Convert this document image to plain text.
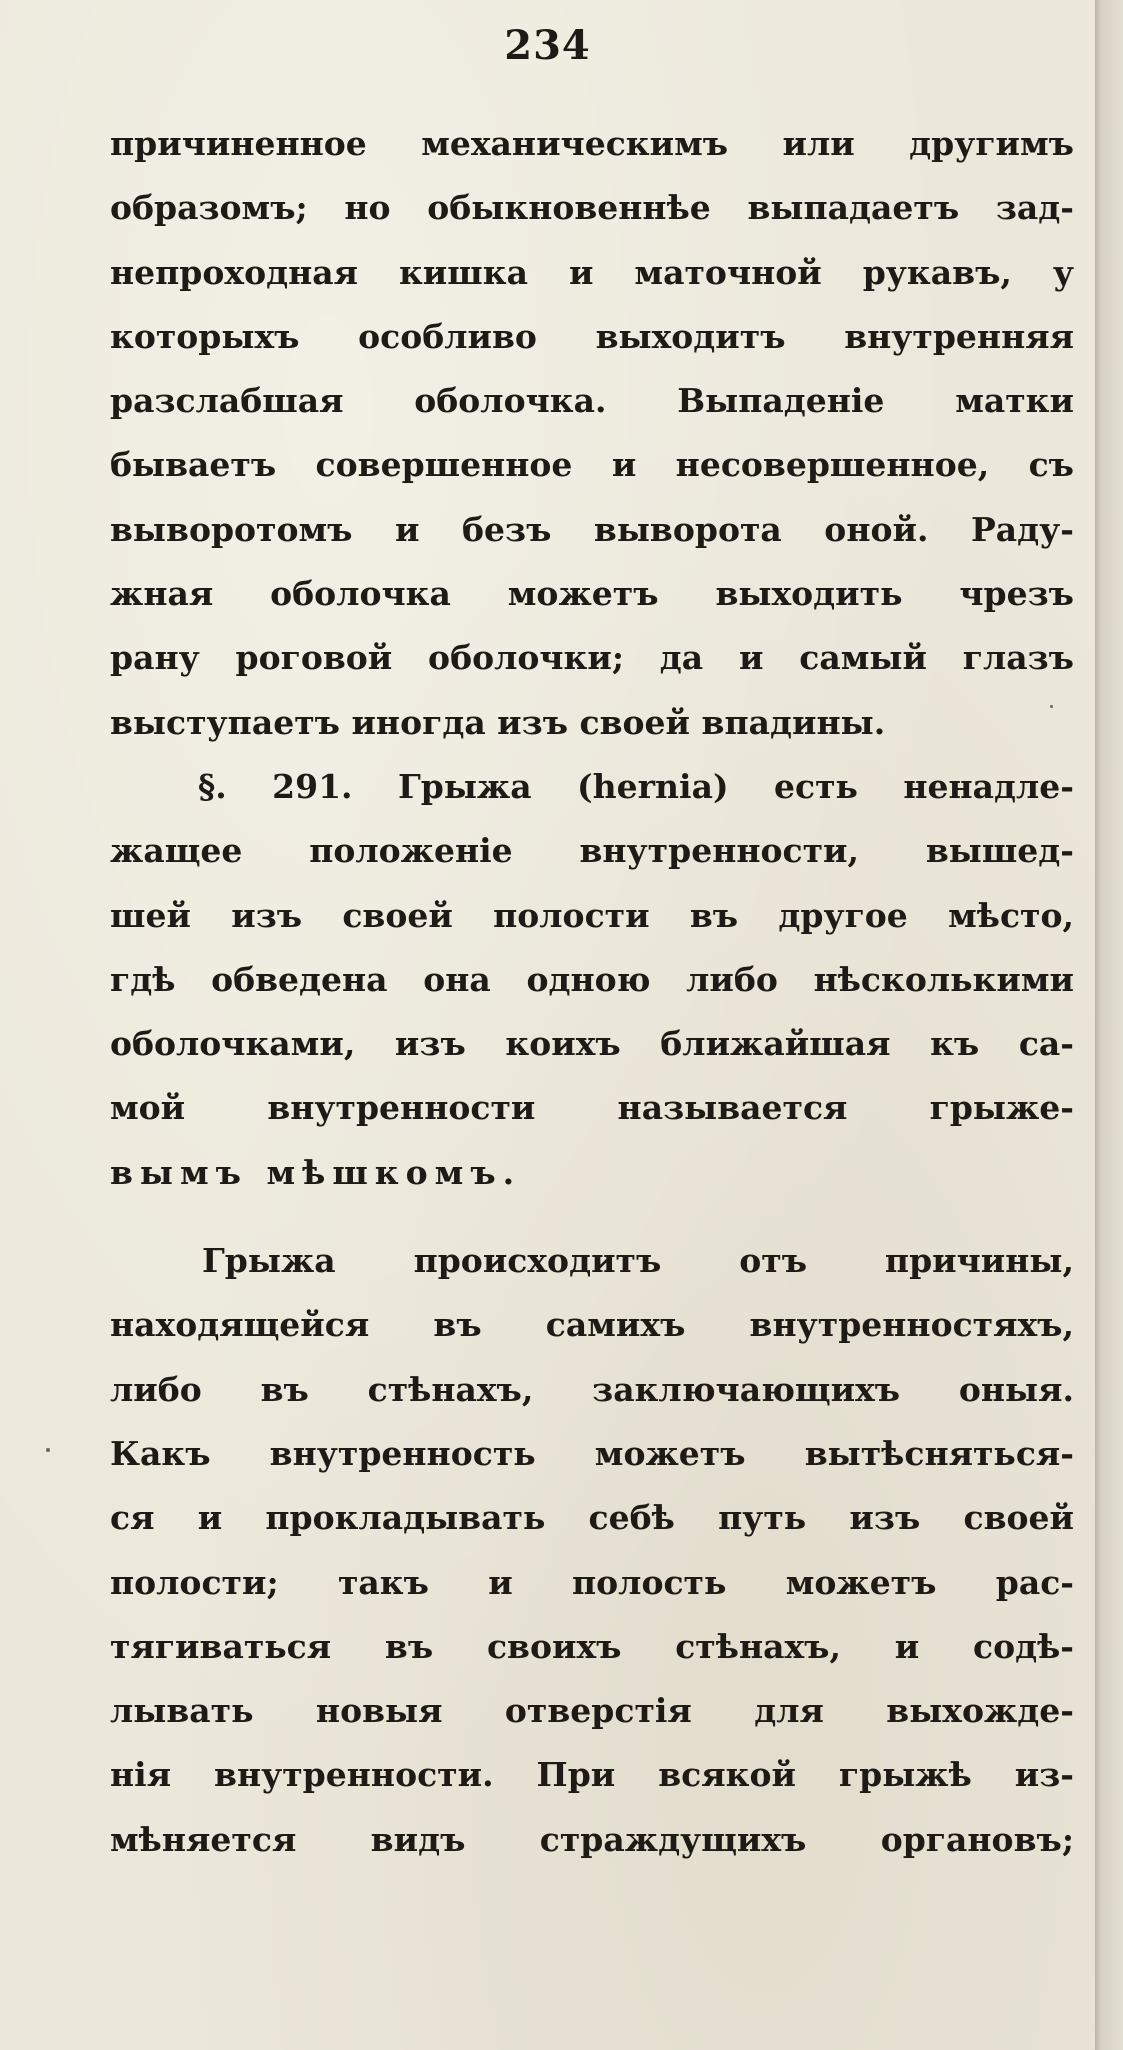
234
причиненное механическимъ или другимъ
образомъ; но обыкновеннѣе выпадаетъ зад-
непроходная кишка и маточной рукавъ, у
которыхъ особливо выходитъ внутренняя
разслабшая оболочка. Выпаденіе матки
бываетъ совершенное и несовершенное, съ
выворотомъ и безъ выворота оной. Раду-
жная оболочка можетъ выходить чрезъ
рану роговой оболочки; да и самый глазъ
выступаетъ иногда изъ своей впадины.
§. 291. Грыжа (hernia) есть ненадле-
жащее положеніе внутренности, вышед-
шей изъ своей полости въ другое мѣсто,
гдѣ обведена она одною либо нѣсколькими
оболочками, изъ коихъ ближайшая къ са-
мой внутренности называется грыже-
вымъ мѣшкомъ.
Грыжа происходитъ отъ причины,
находящейся въ самихъ внутренностяхъ,
либо въ стѣнахъ, заключающихъ оныя.
Какъ внутренность можетъ вытѣсняться-
ся и прокладывать себѣ путь изъ своей
полости; такъ и полость можетъ рас-
тягиваться въ своихъ стѣнахъ, и содѣ-
лывать новыя отверстія для выхожде-
нія внутренности. При всякой грыжѣ из-
мѣняется видъ страждущихъ органовъ;
